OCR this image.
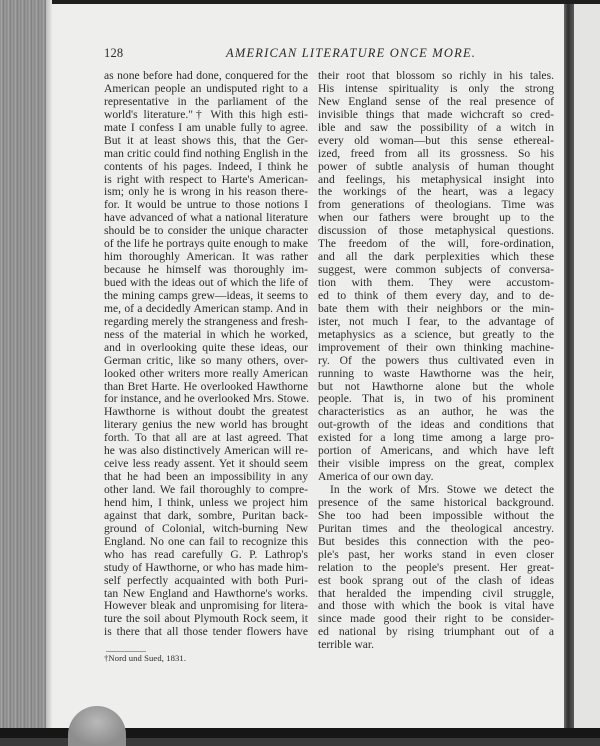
128	AMERICAN LITERATURE ONCE MORE.
as none before had done, conquered for the
American people an undisputed right to a
representative in the parliament of the
world's literature."† With this high esti-
mate I confess I am unable fully to agree.
But it at least shows this, that the Ger-
man critic could find nothing English in the
contents of his pages. Indeed, I think he
is right with respect to Harte's American-
ism; only he is wrong in his reason there-
for. It would be untrue to those notions I
have advanced of what a national literature
should be to consider the unique character
of the life he portrays quite enough to make
him thoroughly American. It was rather
because he himself was thoroughly im-
bued with the ideas out of which the life of
the mining camps grew—ideas, it seems to
me, of a decidedly American stamp. And in
regarding merely the strangeness and fresh-
ness of the material in which he worked,
and in overlooking quite these ideas, our
German critic, like so many others, over-
looked other writers more really American
than Bret Harte. He overlooked Hawthorne
for instance, and he overlooked Mrs. Stowe.
Hawthorne is without doubt the greatest
literary genius the new world has brought
forth. To that all are at last agreed. That
he was also distinctively American will re-
ceive less ready assent. Yet it should seem
that he had been an impossibility in any
other land. We fail thoroughly to compre-
hend him, I think, unless we project him
against that dark, sombre, Puritan back-
ground of Colonial, witch-burning New
England. No one can fail to recognize this
who has read carefully G. P. Lathrop's
study of Hawthorne, or who has made him-
self perfectly acquainted with both Puri-
tan New England and Hawthorne's works.
However bleak and unpromising for litera-
ture the soil about Plymouth Rock seem, it
is there that all those tender flowers have
their root that blossom so richly in his tales.
His intense spirituality is only the strong
New England sense of the real presence of
invisible things that made wichcraft so cred-
ible and saw the possibility of a witch in
every old woman—but this sense ethereal-
ized, freed from all its grossness. So his
power of subtle analysis of human thought
and feelings, his metaphysical insight into
the workings of the heart, was a legacy
from generations of theologians. Time was
when our fathers were brought up to the
discussion of those metaphysical questions.
The freedom of the will, fore-ordination,
and all the dark perplexities which these
suggest, were common subjects of conversa-
tion with them. They were accustom-
ed to think of them every day, and to de-
bate them with their neighbors or the min-
ister, not much I fear, to the advantage of
metaphysics as a science, but greatly to the
improvement of their own thinking machine-
ry. Of the powers thus cultivated even in
running to waste Hawthorne was the heir,
but not Hawthorne alone but the whole
people. That is, in two of his prominent
characteristics as an author, he was the
out-growth of the ideas and conditions that
existed for a long time among a large pro-
portion of Americans, and which have left
their visible impress on the great, complex
America of our own day.
In the work of Mrs. Stowe we detect the
presence of the same historical background.
She too had been impossible without the
Puritan times and the theological ancestry.
But besides this connection with the peo-
ple's past, her works stand in even closer
relation to the people's present. Her great-
est book sprang out of the clash of ideas
that heralded the impending civil struggle,
and those with which the book is vital have
since made good their right to be consider-
ed national by rising triumphant out of a
terrible war.
†Nord und Sued, 1831.
